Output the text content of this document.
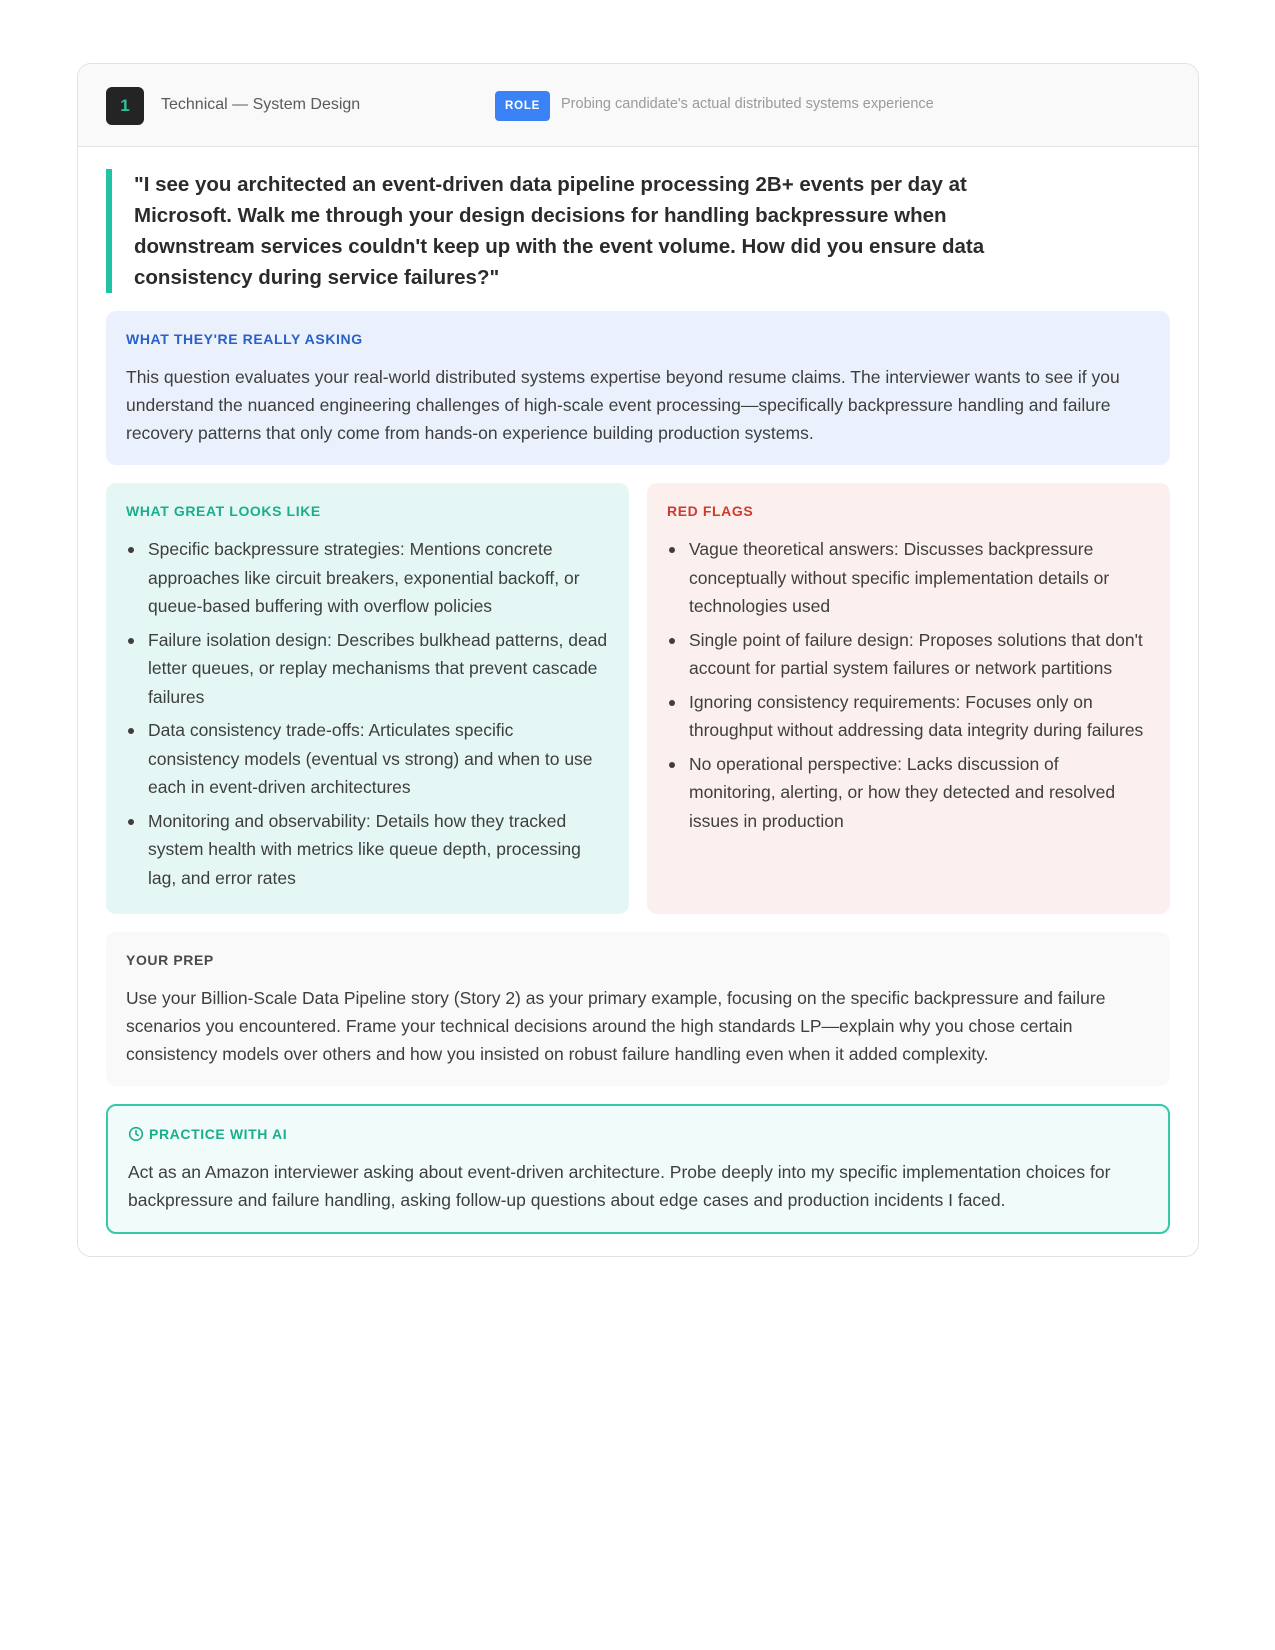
1	Technical — System Design	ROLE	Probing candidate's actual distributed systems experience
"I see you architected an event-driven data pipeline processing 2B+ events per day at Microsoft. Walk me through your design decisions for handling backpressure when downstream services couldn't keep up with the event volume. How did you ensure data consistency during service failures?"
WHAT THEY'RE REALLY ASKING
This question evaluates your real-world distributed systems expertise beyond resume claims. The interviewer wants to see if you understand the nuanced engineering challenges of high-scale event processing—specifically backpressure handling and failure recovery patterns that only come from hands-on experience building production systems.
WHAT GREAT LOOKS LIKE
Specific backpressure strategies: Mentions concrete approaches like circuit breakers, exponential backoff, or queue-based buffering with overflow policies
Failure isolation design: Describes bulkhead patterns, dead letter queues, or replay mechanisms that prevent cascade failures
Data consistency trade-offs: Articulates specific consistency models (eventual vs strong) and when to use each in event-driven architectures
Monitoring and observability: Details how they tracked system health with metrics like queue depth, processing lag, and error rates
RED FLAGS
Vague theoretical answers: Discusses backpressure conceptually without specific implementation details or technologies used
Single point of failure design: Proposes solutions that don't account for partial system failures or network partitions
Ignoring consistency requirements: Focuses only on throughput without addressing data integrity during failures
No operational perspective: Lacks discussion of monitoring, alerting, or how they detected and resolved issues in production
YOUR PREP
Use your Billion-Scale Data Pipeline story (Story 2) as your primary example, focusing on the specific backpressure and failure scenarios you encountered. Frame your technical decisions around the high standards LP—explain why you chose certain consistency models over others and how you insisted on robust failure handling even when it added complexity.
PRACTICE WITH AI
Act as an Amazon interviewer asking about event-driven architecture. Probe deeply into my specific implementation choices for backpressure and failure handling, asking follow-up questions about edge cases and production incidents I faced.
